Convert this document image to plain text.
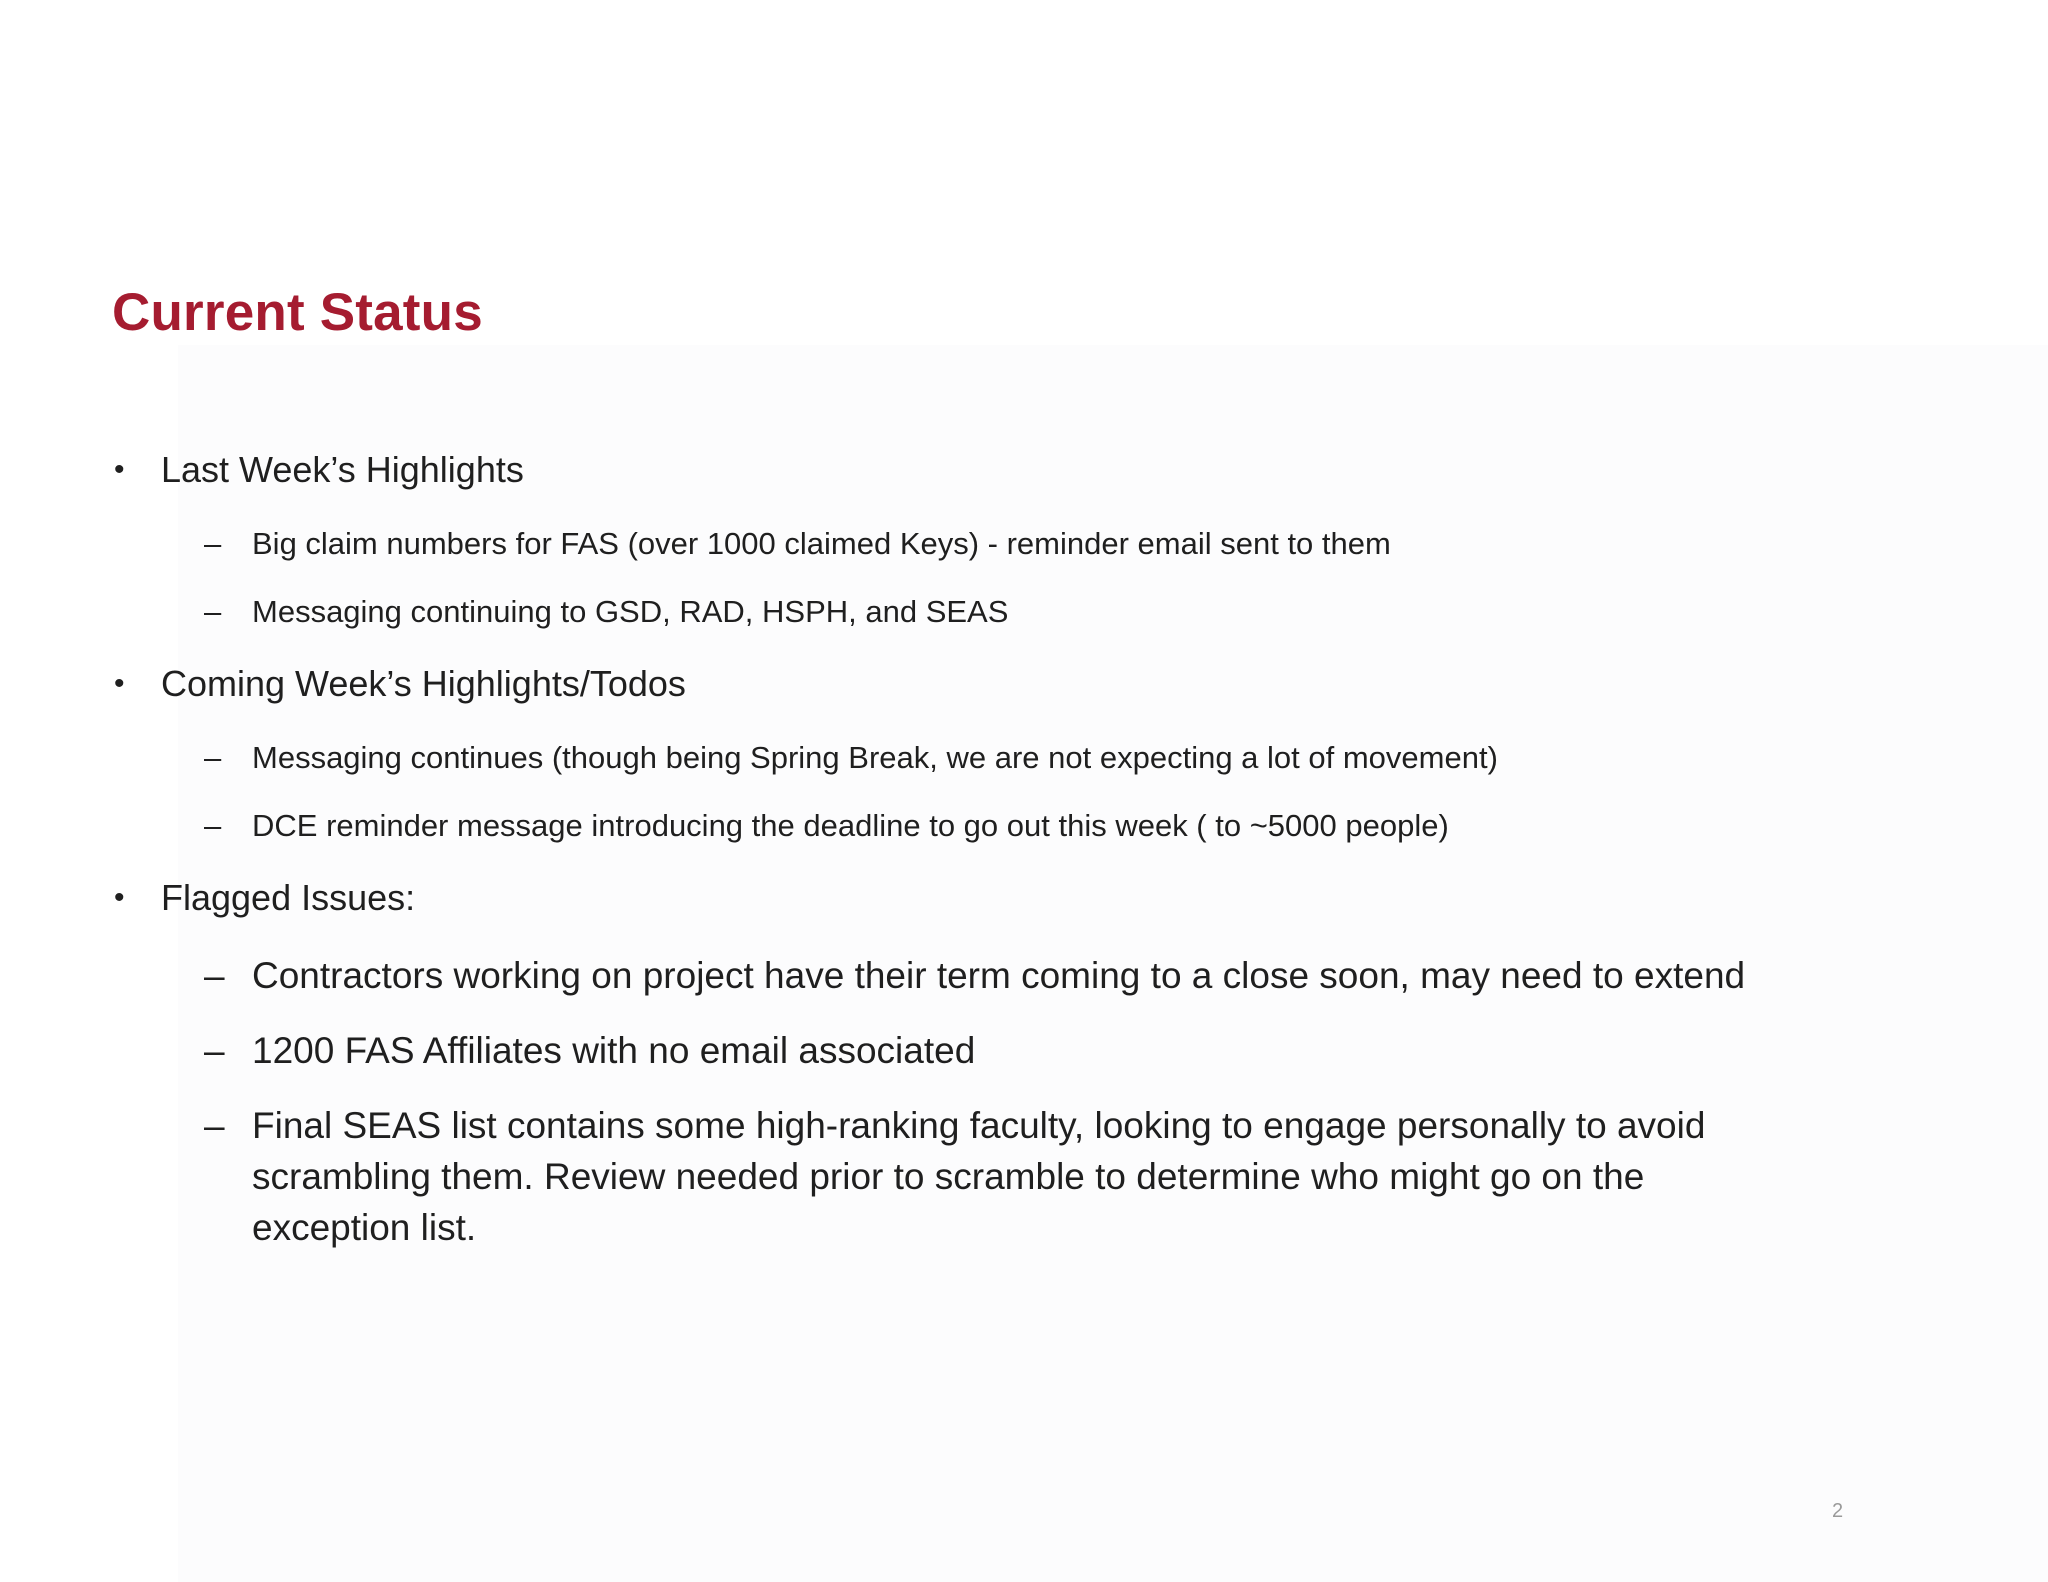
Current Status
•	Last Week’s Highlights
– Big claim numbers for FAS (over 1000 claimed Keys) - reminder email sent to them
– Messaging continuing to GSD, RAD, HSPH, and SEAS
•	Coming Week’s Highlights/Todos
– Messaging continues (though being Spring Break, we are not expecting a lot of movement)
– DCE reminder message introducing the deadline to go out this week ( to ~5000 people)
•	Flagged Issues:
– Contractors working on project have their term coming to a close soon, may need to extend
– 1200 FAS Affiliates with no email associated
– Final SEAS list contains some high-ranking faculty, looking to engage personally to avoid scrambling them. Review needed prior to scramble to determine who might go on the exception list.
2
